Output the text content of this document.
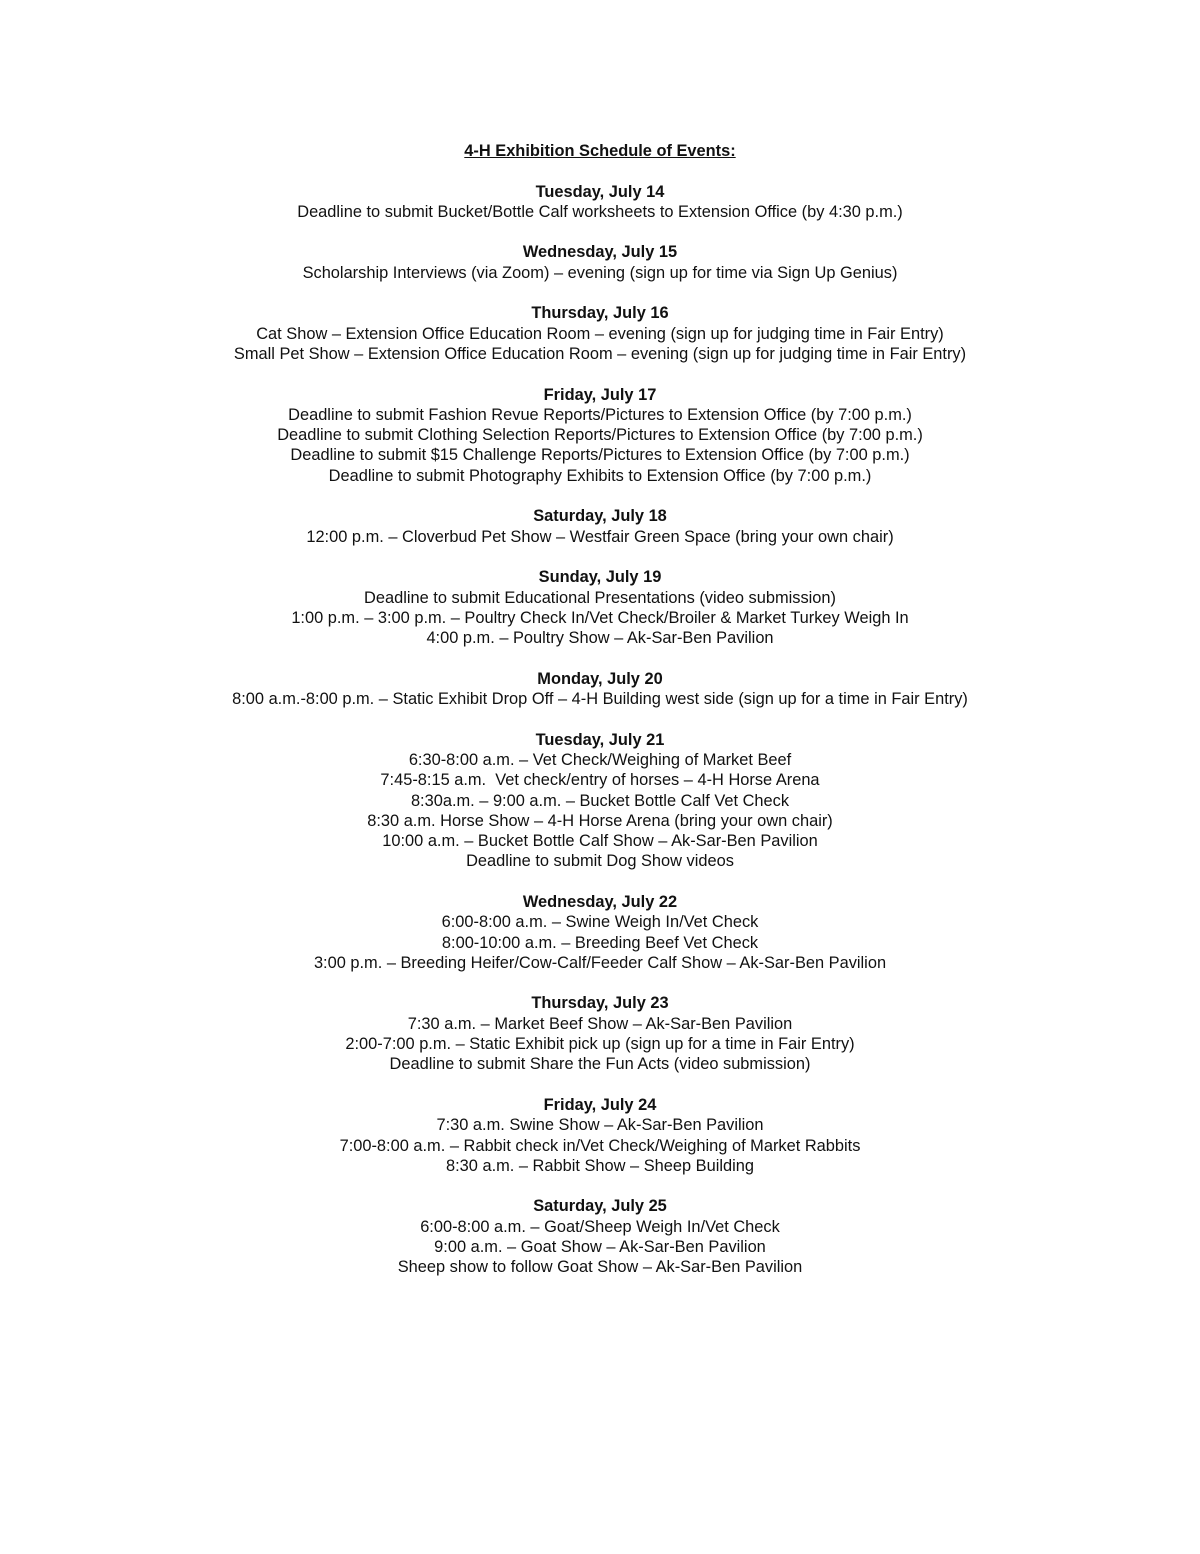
4-H Exhibition Schedule of Events:
Tuesday, July 14
Deadline to submit Bucket/Bottle Calf worksheets to Extension Office (by 4:30 p.m.)
Wednesday, July 15
Scholarship Interviews (via Zoom) – evening (sign up for time via Sign Up Genius)
Thursday, July 16
Cat Show – Extension Office Education Room – evening (sign up for judging time in Fair Entry)
Small Pet Show – Extension Office Education Room – evening (sign up for judging time in Fair Entry)
Friday, July 17
Deadline to submit Fashion Revue Reports/Pictures to Extension Office (by 7:00 p.m.)
Deadline to submit Clothing Selection Reports/Pictures to Extension Office (by 7:00 p.m.)
Deadline to submit $15 Challenge Reports/Pictures to Extension Office (by 7:00 p.m.)
Deadline to submit Photography Exhibits to Extension Office (by 7:00 p.m.)
Saturday, July 18
12:00 p.m. – Cloverbud Pet Show – Westfair Green Space (bring your own chair)
Sunday, July 19
Deadline to submit Educational Presentations (video submission)
1:00 p.m. – 3:00 p.m. – Poultry Check In/Vet Check/Broiler & Market Turkey Weigh In
4:00 p.m. – Poultry Show – Ak-Sar-Ben Pavilion
Monday, July 20
8:00 a.m.-8:00 p.m. – Static Exhibit Drop Off – 4-H Building west side (sign up for a time in Fair Entry)
Tuesday, July 21
6:30-8:00 a.m. – Vet Check/Weighing of Market Beef
7:45-8:15 a.m.  Vet check/entry of horses – 4-H Horse Arena
8:30a.m. – 9:00 a.m. – Bucket Bottle Calf Vet Check
8:30 a.m. Horse Show – 4-H Horse Arena (bring your own chair)
10:00 a.m. – Bucket Bottle Calf Show – Ak-Sar-Ben Pavilion
Deadline to submit Dog Show videos
Wednesday, July 22
6:00-8:00 a.m. – Swine Weigh In/Vet Check
8:00-10:00 a.m. – Breeding Beef Vet Check
3:00 p.m. – Breeding Heifer/Cow-Calf/Feeder Calf Show – Ak-Sar-Ben Pavilion
Thursday, July 23
7:30 a.m. – Market Beef Show – Ak-Sar-Ben Pavilion
2:00-7:00 p.m. – Static Exhibit pick up (sign up for a time in Fair Entry)
Deadline to submit Share the Fun Acts (video submission)
Friday, July 24
7:30 a.m. Swine Show – Ak-Sar-Ben Pavilion
7:00-8:00 a.m. – Rabbit check in/Vet Check/Weighing of Market Rabbits
8:30 a.m. – Rabbit Show – Sheep Building
Saturday, July 25
6:00-8:00 a.m. – Goat/Sheep Weigh In/Vet Check
9:00 a.m. – Goat Show – Ak-Sar-Ben Pavilion
Sheep show to follow Goat Show – Ak-Sar-Ben Pavilion
